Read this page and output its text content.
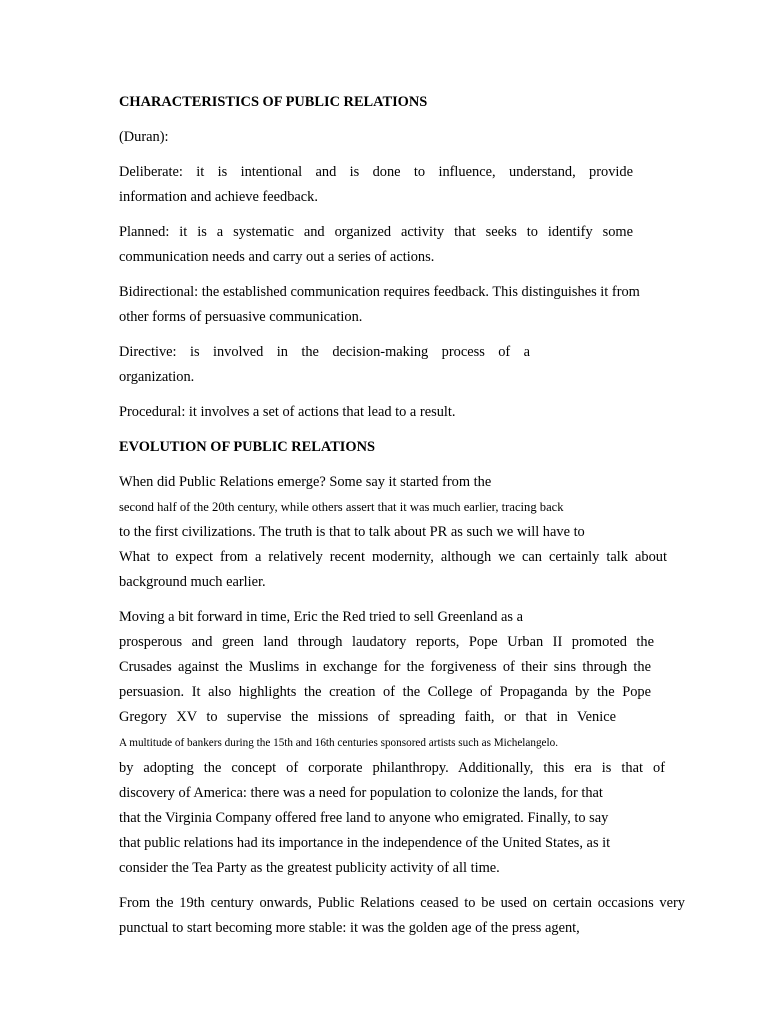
CHARACTERISTICS OF PUBLIC RELATIONS
(Duran):
Deliberate: it is intentional and is done to influence, understand, provide
information and achieve feedback.
Planned: it is a systematic and organized activity that seeks to identify some
communication needs and carry out a series of actions.
Bidirectional: the established communication requires feedback. This distinguishes it from
other forms of persuasive communication.
Directive: is involved in the decision-making process of a
organization.
Procedural: it involves a set of actions that lead to a result.
EVOLUTION OF PUBLIC RELATIONS
When did Public Relations emerge? Some say it started from the
second half of the 20th century, while others assert that it was much earlier, tracing back
to the first civilizations. The truth is that to talk about PR as such we will have to
What to expect from a relatively recent modernity, although we can certainly talk about
background much earlier.
Moving a bit forward in time, Eric the Red tried to sell Greenland as a
prosperous and green land through laudatory reports, Pope Urban II promoted the
Crusades against the Muslims in exchange for the forgiveness of their sins through the
persuasion. It also highlights the creation of the College of Propaganda by the Pope
Gregory XV to supervise the missions of spreading faith, or that in Venice
A multitude of bankers during the 15th and 16th centuries sponsored artists such as Michelangelo.
by adopting the concept of corporate philanthropy. Additionally, this era is that of
discovery of America: there was a need for population to colonize the lands, for that
that the Virginia Company offered free land to anyone who emigrated. Finally, to say
that public relations had its importance in the independence of the United States, as it
consider the Tea Party as the greatest publicity activity of all time.
From the 19th century onwards, Public Relations ceased to be used on certain occasions very
punctual to start becoming more stable: it was the golden age of the press agent,
